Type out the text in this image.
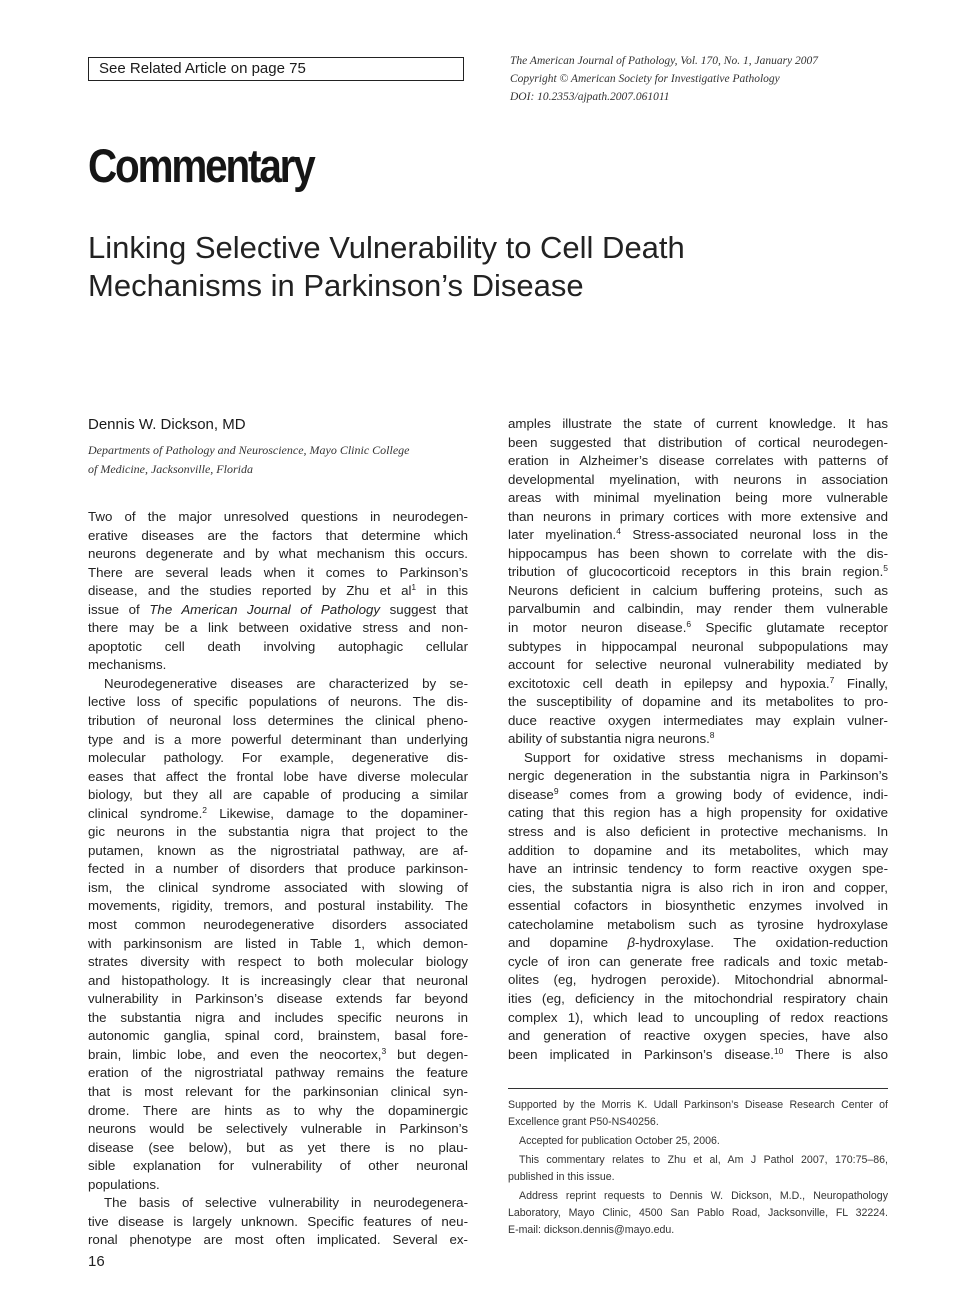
See Related Article on page 75	The American Journal of Pathology, Vol. 170, No. 1, January 2007
Copyright © American Society for Investigative Pathology
DOI: 10.2353/ajpath.2007.061011
Commentary
Linking Selective Vulnerability to Cell Death
Mechanisms in Parkinson’s Disease
Dennis W. Dickson, MD
Departments of Pathology and Neuroscience, Mayo Clinic College
of Medicine, Jacksonville, Florida
Two of the major unresolved questions in neurodegen-
erative diseases are the factors that determine which
neurons degenerate and by what mechanism this occurs.
There are several leads when it comes to Parkinson’s
disease, and the studies reported by Zhu et $al^1$ in this
issue of The American Journal of Pathology suggest that
there may be a link between oxidative stress and non-
apoptotic cell death involving autophagic cellular
mechanisms.
Neurodegenerative diseases are characterized by se-
lective loss of specific populations of neurons. The dis-
tribution of neuronal loss determines the clinical pheno-
type and is a more powerful determinant than underlying
molecular pathology. For example, degenerative dis-
eases that affect the frontal lobe have diverse molecular
biology, but they all are capable of producing a similar
clinical syndrome.$^2$ Likewise, damage to the dopaminer-
gic neurons in the substantia nigra that project to the
putamen, known as the nigrostriatal pathway, are af-
fected in a number of disorders that produce parkinson-
ism, the clinical syndrome associated with slowing of
movements, rigidity, tremors, and postural instability. The
most common neurodegenerative disorders associated
with parkinsonism are listed in Table 1, which demon-
strates diversity with respect to both molecular biology
and histopathology. It is increasingly clear that neuronal
vulnerability in Parkinson’s disease extends far beyond
the substantia nigra and includes specific neurons in
autonomic ganglia, spinal cord, brainstem, basal fore-
brain, limbic lobe, and even the neocortex,$^3$ but degen-
eration of the nigrostriatal pathway remains the feature
that is most relevant for the parkinsonian clinical syn-
drome. There are hints as to why the dopaminergic
neurons would be selectively vulnerable in Parkinson’s
disease (see below), but as yet there is no plau-
sible explanation for vulnerability of other neuronal
populations.
The basis of selective vulnerability in neurodegenera-
tive disease is largely unknown. Specific features of neu-
ronal phenotype are most often implicated. Several ex-
amples illustrate the state of current knowledge. It has
been suggested that distribution of cortical neurodegen-
eration in Alzheimer’s disease correlates with patterns of
developmental myelination, with neurons in association
areas with minimal myelination being more vulnerable
than neurons in primary cortices with more extensive and
later myelination.$^4$ Stress-associated neuronal loss in the
hippocampus has been shown to correlate with the dis-
tribution of glucocorticoid receptors in this brain region.$^5$
Neurons deficient in calcium buffering proteins, such as
parvalbumin and calbindin, may render them vulnerable
in motor neuron disease.$^6$ Specific glutamate receptor
subtypes in hippocampal neuronal subpopulations may
account for selective neuronal vulnerability mediated by
excitotoxic cell death in epilepsy and hypoxia.$^7$ Finally,
the susceptibility of dopamine and its metabolites to pro-
duce reactive oxygen intermediates may explain vulner-
ability of substantia nigra neurons.$^8$
Support for oxidative stress mechanisms in dopami-
nergic degeneration in the substantia nigra in Parkinson’s
disease$^9$ comes from a growing body of evidence, indi-
cating that this region has a high propensity for oxidative
stress and is also deficient in protective mechanisms. In
addition to dopamine and its metabolites, which may
have an intrinsic tendency to form reactive oxygen spe-
cies, the substantia nigra is also rich in iron and copper,
essential cofactors in biosynthetic enzymes involved in
catecholamine metabolism such as tyrosine hydroxylase
and dopamine β-hydroxylase. The oxidation-reduction
cycle of iron can generate free radicals and toxic metab-
olites (eg, hydrogen peroxide). Mitochondrial abnormal-
ities (eg, deficiency in the mitochondrial respiratory chain
complex 1), which lead to uncoupling of redox reactions
and generation of reactive oxygen species, have also
been implicated in Parkinson’s disease.$^{10}$ There is also
Supported by the Morris K. Udall Parkinson’s Disease Research Center of
Excellence grant P50-NS40256.
Accepted for publication October 25, 2006.
This commentary relates to Zhu et al, Am J Pathol 2007, 170:75–86,
published in this issue.
Address reprint requests to Dennis W. Dickson, M.D., Neuropathology
Laboratory, Mayo Clinic, 4500 San Pablo Road, Jacksonville, FL 32224.
E-mail: dickson.dennis@mayo.edu.
16
